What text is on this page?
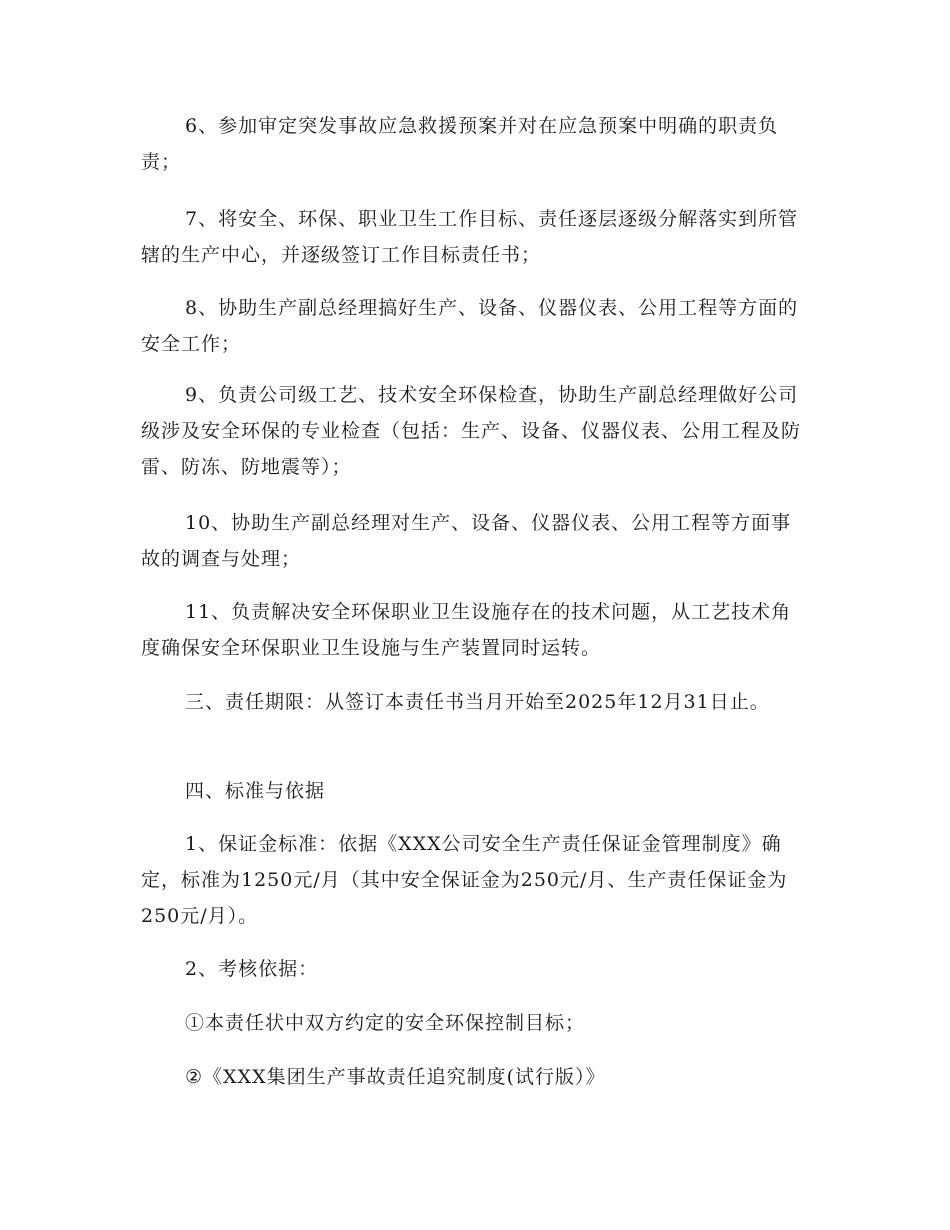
6、参加审定突发事故应急救援预案并对在应急预案中明确的职责负责；

7、将安全、环保、职业卫生工作目标、责任逐层逐级分解落实到所管辖的生产中心，并逐级签订工作目标责任书；

8、协助生产副总经理搞好生产、设备、仪器仪表、公用工程等方面的安全工作；

9、负责公司级工艺、技术安全环保检查，协助生产副总经理做好公司级涉及安全环保的专业检查（包括：生产、设备、仪器仪表、公用工程及防雷、防冻、防地震等）；

10、协助生产副总经理对生产、设备、仪器仪表、公用工程等方面事故的调查与处理；

11、负责解决安全环保职业卫生设施存在的技术问题，从工艺技术角度确保安全环保职业卫生设施与生产装置同时运转。

三、责任期限：从签订本责任书当月开始至2025年12月31日止。

四、标准与依据

1、保证金标准：依据《XXX公司安全生产责任保证金管理制度》确定，标准为1250元/月（其中安全保证金为250元/月、生产责任保证金为250元/月）。

2、考核依据：

①本责任状中双方约定的安全环保控制目标；

②《XXX集团生产事故责任追究制度(试行版）》
